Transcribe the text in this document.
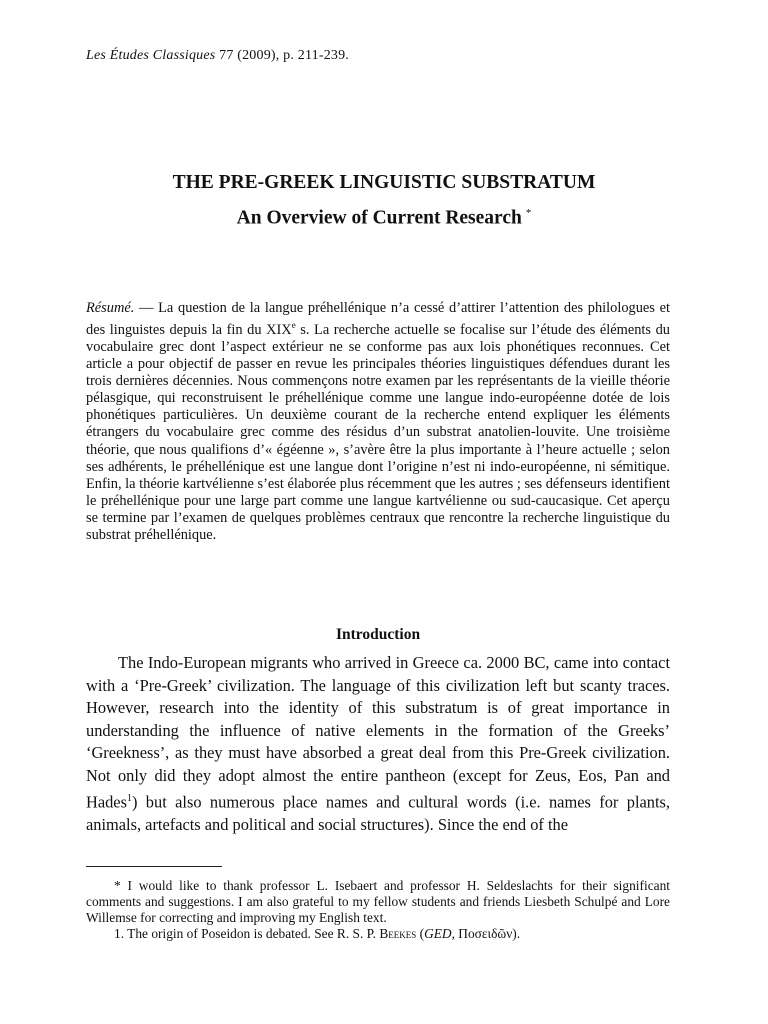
Les Études Classiques 77 (2009), p. 211-239.
THE PRE-GREEK LINGUISTIC SUBSTRATUM
An Overview of Current Research *
Résumé. — La question de la langue préhellénique n’a cessé d’attirer l’attention des philologues et des linguistes depuis la fin du XIXe s. La recherche actuelle se focalise sur l’étude des éléments du vocabulaire grec dont l’aspect extérieur ne se conforme pas aux lois phonétiques reconnues. Cet article a pour objectif de passer en revue les principales théories linguistiques défendues durant les trois dernières décennies. Nous commençons notre examen par les représentants de la vieille théorie pélasgique, qui reconstruisent le préhellénique comme une langue indo-européenne dotée de lois phonétiques particulières. Un deuxième courant de la recherche entend expliquer les éléments étrangers du vocabulaire grec comme des résidus d’un substrat anatolien-louvite. Une troisième théorie, que nous qualifions d’« égéenne », s’avère être la plus importante à l’heure actuelle ; selon ses adhérents, le préhellénique est une langue dont l’origine n’est ni indo-européenne, ni sémitique. Enfin, la théorie kartvélienne s’est élaborée plus récemment que les autres ; ses défenseurs identifient le préhellénique pour une large part comme une langue kartvélienne ou sud-caucasique. Cet aperçu se termine par l’examen de quelques problèmes centraux que rencontre la recherche linguistique du substrat préhellénique.
Introduction
The Indo-European migrants who arrived in Greece ca. 2000 BC, came into contact with a ‘Pre-Greek’ civilization. The language of this civilization left but scanty traces. However, research into the identity of this substratum is of great importance in understanding the influence of native elements in the formation of the Greeks’ ‘Greekness’, as they must have absorbed a great deal from this Pre-Greek civilization. Not only did they adopt almost the entire pantheon (except for Zeus, Eos, Pan and Hades$^1$) but also numerous place names and cultural words (i.e. names for plants, animals, artefacts and political and social structures). Since the end of the

* I would like to thank professor L. Isebaert and professor H. Seldeslachts for their significant comments and suggestions. I am also grateful to my fellow students and friends Liesbeth Schulpé and Lore Willemse for correcting and improving my English text.

1. The origin of Poseidon is debated. See R. S. P. Beekes (GED, Ποσειδῶν).
